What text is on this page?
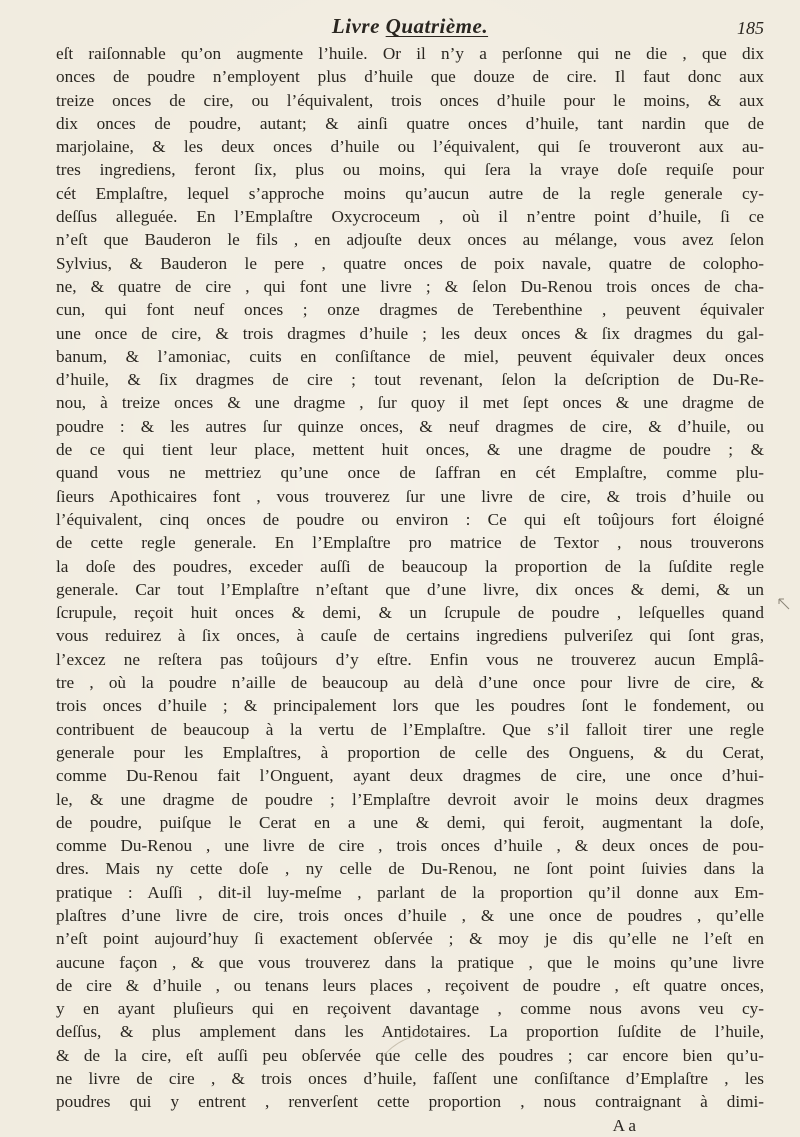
Livre Quatrième.	185
eſt raiſonnable qu’on augmente l’huile. Or il n’y a perſonne qui ne die , que dix
onces de poudre n’employent plus d’huile que douze de cire. Il faut donc aux
treize onces de cire, ou l’équivalent, trois onces d’huile pour le moins, & aux
dix onces de poudre, autant; & ainſi quatre onces d’huile, tant nardin que de
marjolaine, & les deux onces d’huile ou l’équivalent, qui ſe trouveront aux au-
tres ingrediens, feront ſix, plus ou moins, qui ſera la vraye doſe requiſe pour
cét Emplaſtre, lequel s’approche moins qu’aucun autre de la regle generale cy-
deſſus alleguée. En l’Emplaſtre Oxycroceum , où il n’entre point d’huile, ſi ce
n’eſt que Bauderon le fils , en adjouſte deux onces au mélange, vous avez ſelon
Sylvius, & Bauderon le pere , quatre onces de poix navale, quatre de colopho-
ne, & quatre de cire , qui font une livre ; & ſelon Du-Renou trois onces de cha-
cun, qui font neuf onces ; onze dragmes de Terebenthine , peuvent équivaler
une once de cire, & trois dragmes d’huile ; les deux onces & ſix dragmes du gal-
banum, & l’amoniac, cuits en conſiſtance de miel, peuvent équivaler deux onces
d’huile, & ſix dragmes de cire ; tout revenant, ſelon la deſcription de Du-Re-
nou, à treize onces & une dragme , ſur quoy il met ſept onces & une dragme de
poudre : & les autres ſur quinze onces, & neuf dragmes de cire, & d’huile, ou
de ce qui tient leur place, mettent huit onces, & une dragme de poudre ; &
quand vous ne mettriez qu’une once de ſaffran en cét Emplaſtre, comme plu-
ſieurs Apothicaires font , vous trouverez ſur une livre de cire, & trois d’huile ou
l’équivalent, cinq onces de poudre ou environ : Ce qui eſt toûjours fort éloigné
de cette regle generale. En l’Emplaſtre pro matrice de Textor , nous trouverons
la doſe des poudres, exceder auſſi de beaucoup la proportion de la ſuſdite regle
generale. Car tout l’Emplaſtre n’eſtant que d’une livre, dix onces & demi, & un
ſcrupule, reçoit huit onces & demi, & un ſcrupule de poudre , leſquelles quand
vous reduirez à ſix onces, à cauſe de certains ingrediens pulveriſez qui ſont gras,
l’excez ne reſtera pas toûjours d’y eſtre. Enfin vous ne trouverez aucun Emplâ-
tre , où la poudre n’aille de beaucoup au delà d’une once pour livre de cire, &
trois onces d’huile ; & principalement lors que les poudres ſont le fondement, ou
contribuent de beaucoup à la vertu de l’Emplaſtre. Que s’il falloit tirer une regle
generale pour les Emplaſtres, à proportion de celle des Onguens, & du Cerat,
comme Du-Renou fait l’Onguent, ayant deux dragmes de cire, une once d’hui-
le, & une dragme de poudre ; l’Emplaſtre devroit avoir le moins deux dragmes
de poudre, puiſque le Cerat en a une & demi, qui feroit, augmentant la doſe,
comme Du-Renou , une livre de cire , trois onces d’huile , & deux onces de pou-
dres. Mais ny cette doſe , ny celle de Du-Renou, ne ſont point ſuivies dans la
pratique : Auſſi , dit-il luy-meſme , parlant de la proportion qu’il donne aux Em-
plaſtres d’une livre de cire, trois onces d’huile , & une once de poudres , qu’elle
n’eſt point aujourd’huy ſi exactement obſervée ; & moy je dis qu’elle ne l’eſt en
aucune façon , & que vous trouverez dans la pratique , que le moins qu’une livre
de cire & d’huile , ou tenans leurs places , reçoivent de poudre , eſt quatre onces,
y en ayant pluſieurs qui en reçoivent davantage , comme nous avons veu cy-
deſſus, & plus amplement dans les Antidotaires. La proportion ſuſdite de l’huile,
& de la cire, eſt auſſi peu obſervée que celle des poudres ; car encore bien qu’u-
ne livre de cire , & trois onces d’huile, faſſent une conſiſtance d’Emplaſtre , les
poudres qui y entrent , renverſent cette proportion , nous contraignant à dimi-
A a
